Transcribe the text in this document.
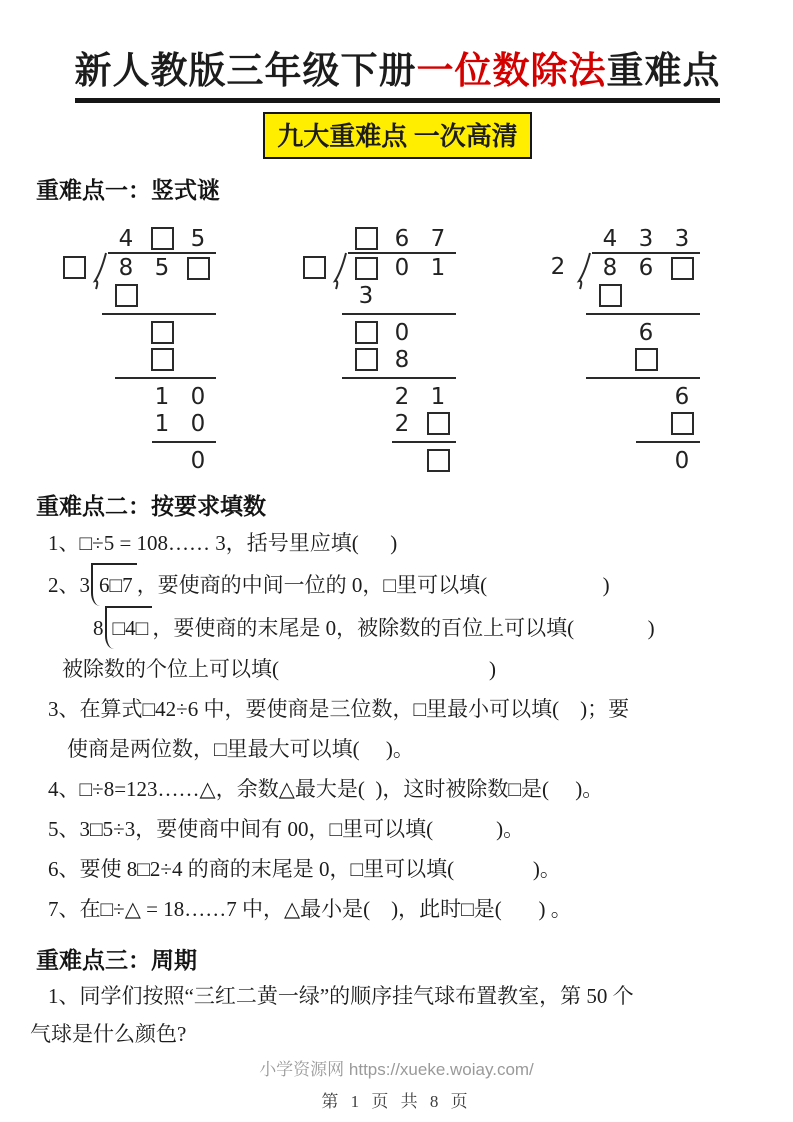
新人教版三年级下册一位数除法重难点
九大重难点 一次高清
重难点一：竖式谜
4	5
8 5
1 0
1 0
0
6 7
0 1
3
0
8
2 1
2
4 3 3
2	8 6
6
6
0
重难点二：按要求填数
1、□÷5 = 108…… 3，括号里应填(      )
2、 3 6□7 ，要使商的中间一位的 0，□里可以填(                      )
8 □4□ ，要使商的末尾是 0，被除数的百位上可以填(              )
被除数的个位上可以填(                                        )
3、在算式□42÷6 中，要使商是三位数，□里最小可以填(    )；要
使商是两位数，□里最大可以填(     )。
4、□÷8=123……△，余数△最大是(  )，这时被除数□是(     )。
5、3□5÷3，要使商中间有 00，□里可以填(            )。
6、要使 8□2÷4 的商的末尾是 0，□里可以填(               )。
7、在□÷△ = 18……7 中，△最小是(    )，此时□是(       ) 。
重难点三：周期
1、同学们按照“三红二黄一绿”的顺序挂气球布置教室，第 50 个
气球是什么颜色?
小学资源网 https://xueke.woiay.com/
第 1 页 共 8 页
